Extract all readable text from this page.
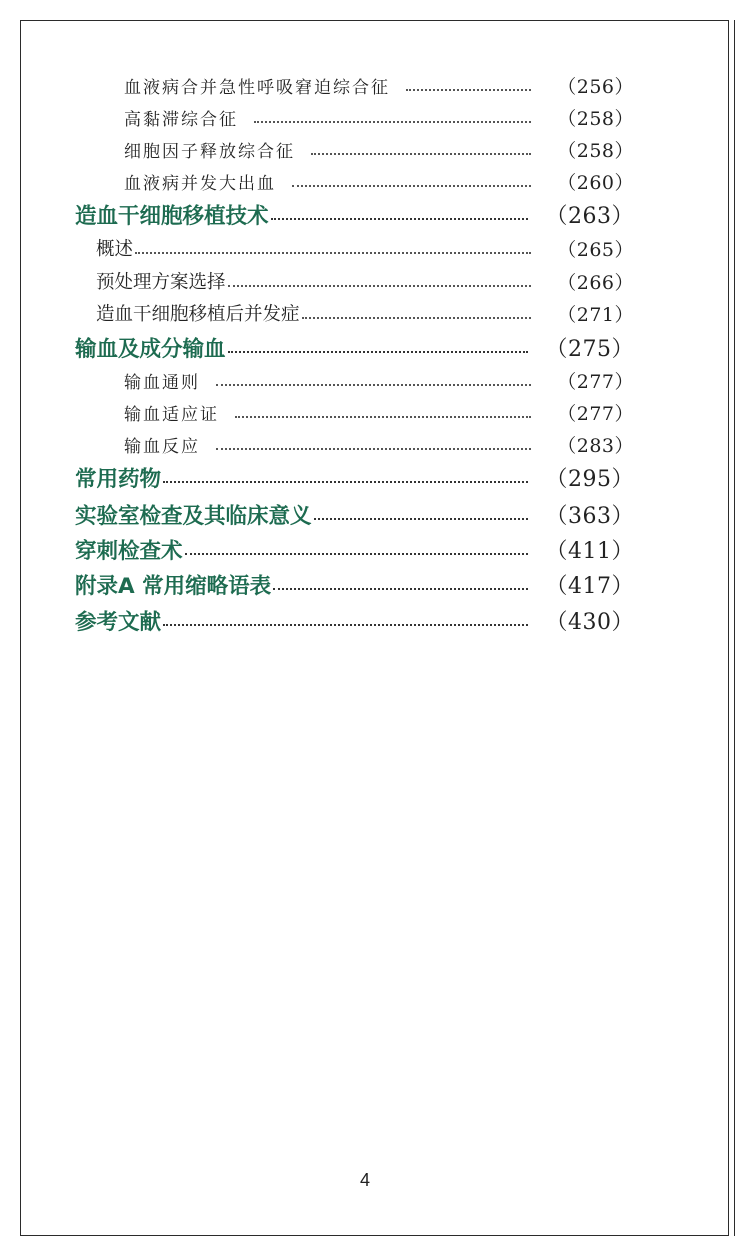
血液病合并急性呼吸窘迫综合征	（256）
高黏滞综合征	（258）
细胞因子释放综合征	（258）
血液病并发大出血	（260）
造血干细胞移植技术	（263）
概述	（265）
预处理方案选择	（266）
造血干细胞移植后并发症	（271）
输血及成分输血	（275）
输血通则	（277）
输血适应证	（277）
输血反应	（283）
常用药物	（295）
实验室检查及其临床意义	（363）
穿刺检查术	（411）
附录A 常用缩略语表	（417）
参考文献	（430）
4
